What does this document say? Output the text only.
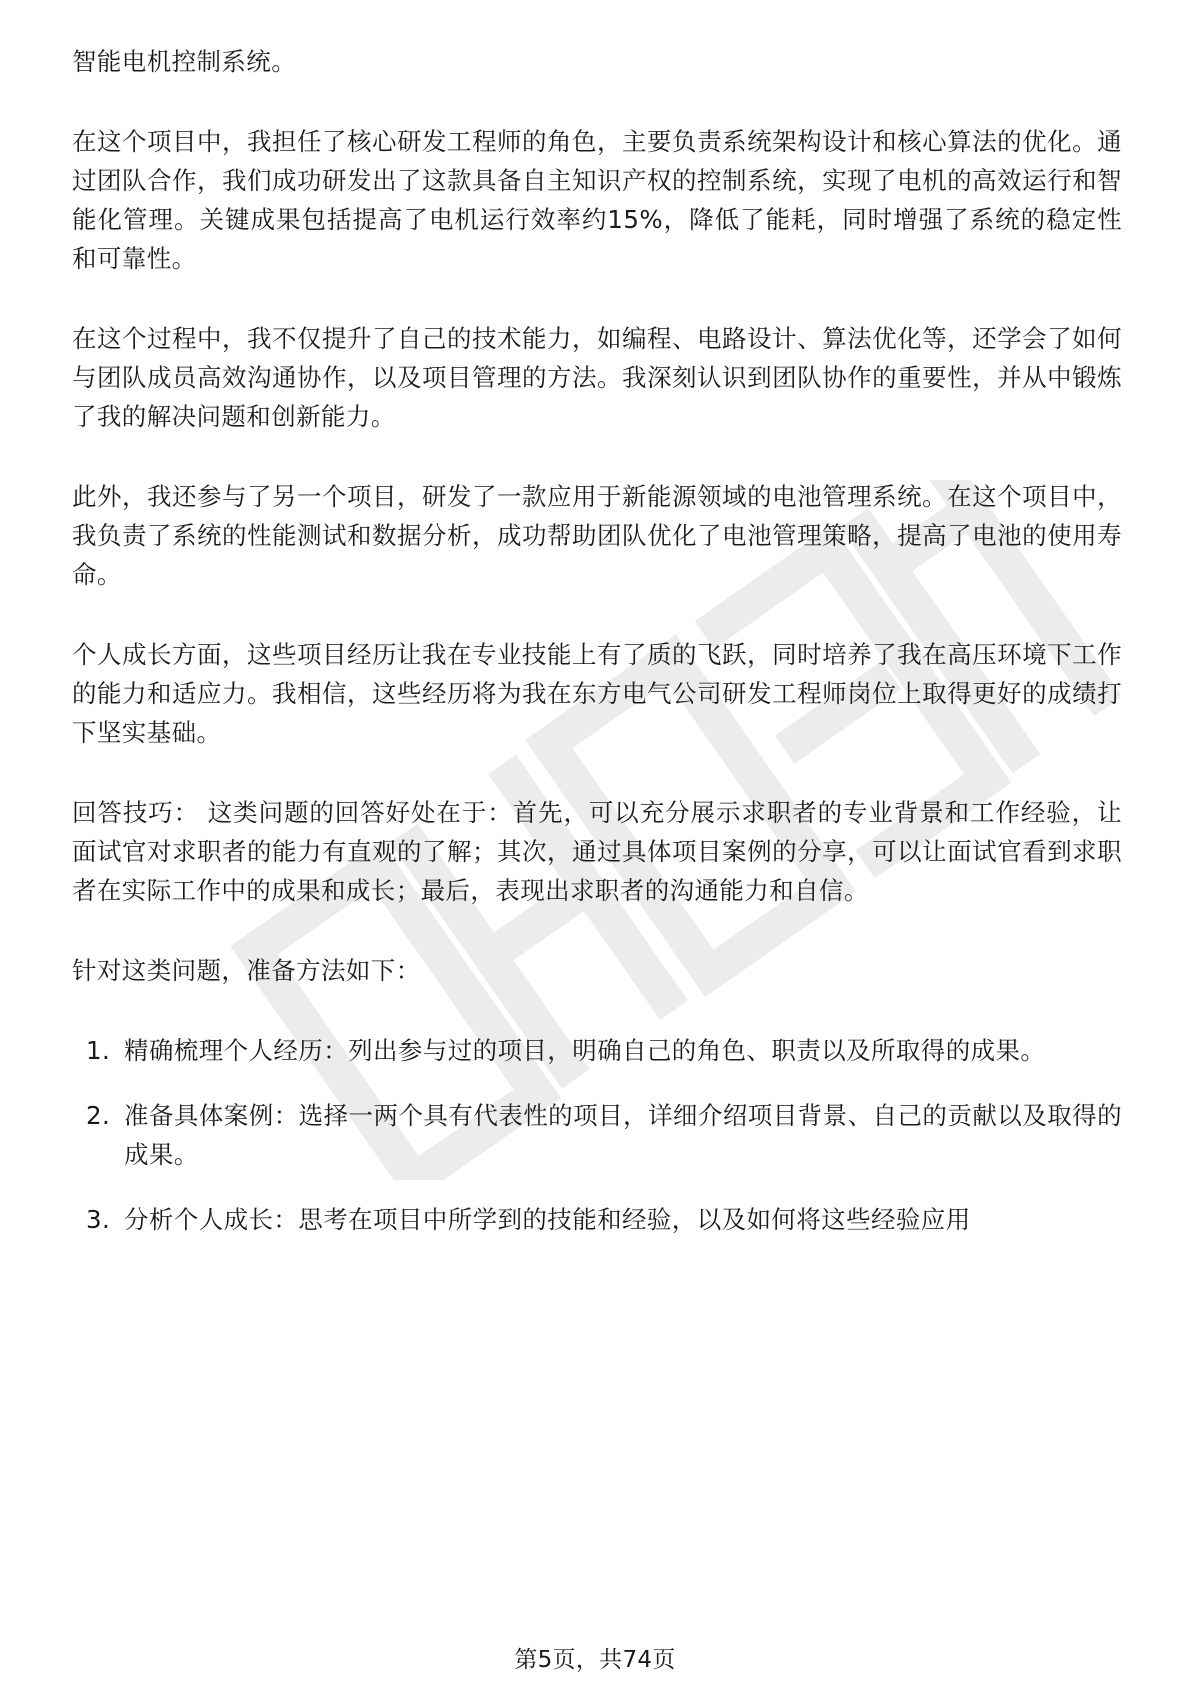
智能电机控制系统。

在这个项目中，我担任了核心研发工程师的角色，主要负责系统架构设计和核心算法的优化。通过团队合作，我们成功研发出了这款具备自主知识产权的控制系统，实现了电机的高效运行和智能化管理。关键成果包括提高了电机运行效率约15%，降低了能耗，同时增强了系统的稳定性和可靠性。

在这个过程中，我不仅提升了自己的技术能力，如编程、电路设计、算法优化等，还学会了如何与团队成员高效沟通协作，以及项目管理的方法。我深刻认识到团队协作的重要性，并从中锻炼了我的解决问题和创新能力。

此外，我还参与了另一个项目，研发了一款应用于新能源领域的电池管理系统。在这个项目中，我负责了系统的性能测试和数据分析，成功帮助团队优化了电池管理策略，提高了电池的使用寿命。

个人成长方面，这些项目经历让我在专业技能上有了质的飞跃，同时培养了我在高压环境下工作的能力和适应力。我相信，这些经历将为我在东方电气公司研发工程师岗位上取得更好的成绩打下坚实基础。

回答技巧： 这类问题的回答好处在于：首先，可以充分展示求职者的专业背景和工作经验，让面试官对求职者的能力有直观的了解；其次，通过具体项目案例的分享，可以让面试官看到求职者在实际工作中的成果和成长；最后，表现出求职者的沟通能力和自信。

针对这类问题，准备方法如下：

1. 精确梳理个人经历：列出参与过的项目，明确自己的角色、职责以及所取得的成果。
2. 准备具体案例：选择一两个具有代表性的项目，详细介绍项目背景、自己的贡献以及取得的成果。
3. 分析个人成长：思考在项目中所学到的技能和经验，以及如何将这些经验应用
第5页，共74页
